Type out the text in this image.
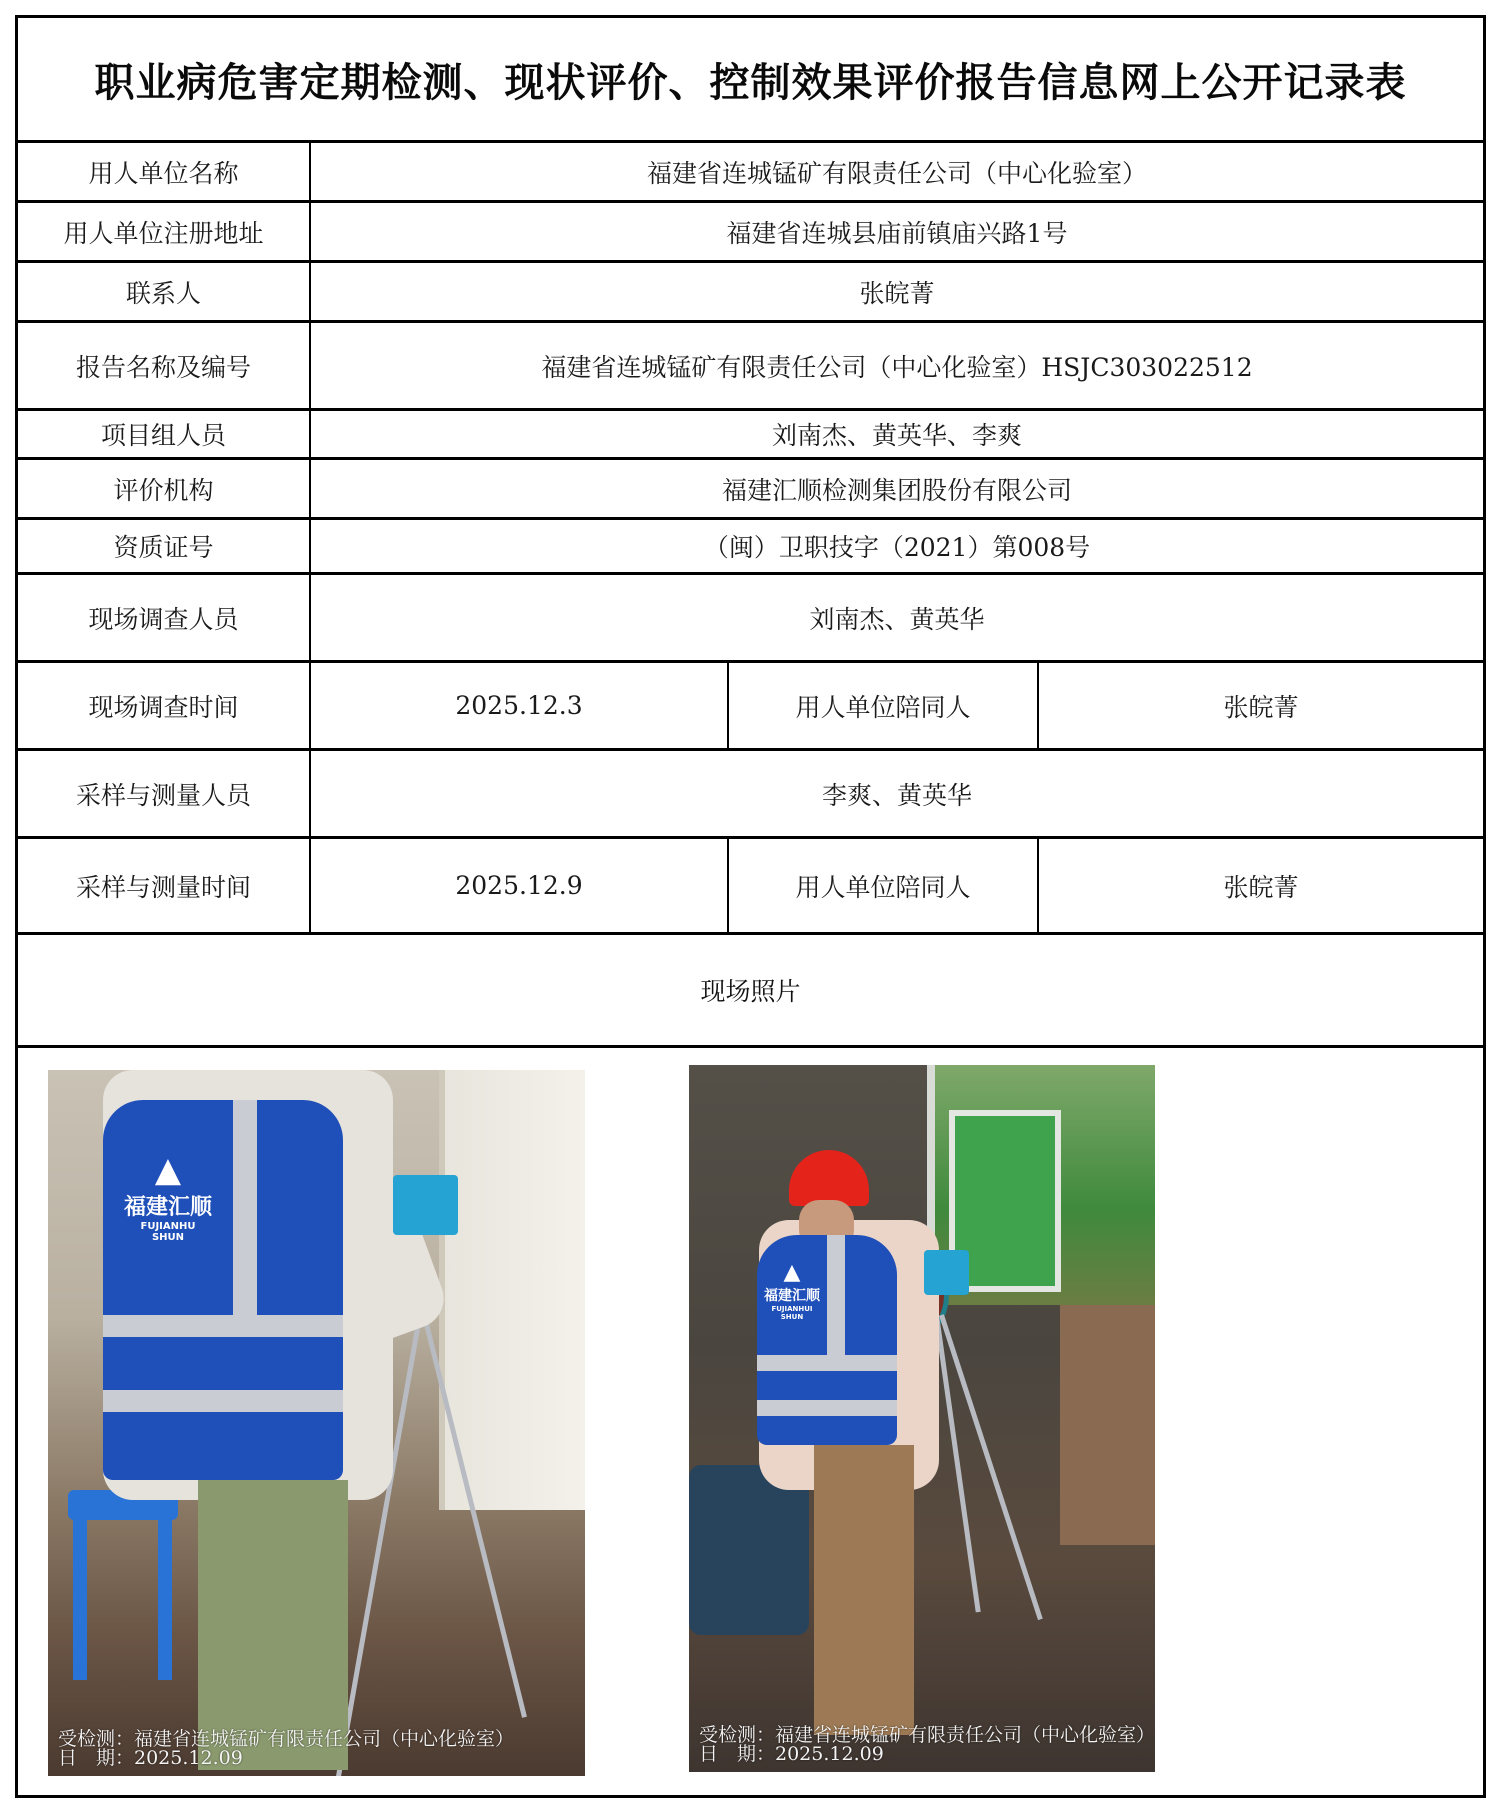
职业病危害定期检测、现状评价、控制效果评价报告信息网上公开记录表
用人单位名称	福建省连城锰矿有限责任公司（中心化验室）
用人单位注册地址	福建省连城县庙前镇庙兴路1号
联系人	张皖菁
报告名称及编号	福建省连城锰矿有限责任公司（中心化验室）HSJC303022512
项目组人员	刘南杰、黄英华、李爽
评价机构	福建汇顺检测集团股份有限公司
资质证号	（闽）卫职技字（2021）第008号
现场调查人员	刘南杰、黄英华
现场调查时间	2025.12.3	用人单位陪同人	张皖菁
采样与测量人员	李爽、黄英华
采样与测量时间	2025.12.9	用人单位陪同人	张皖菁
现场照片
▲
福建汇顺
FUJIANHU SHUN
受检测：福建省连城锰矿有限责任公司（中心化验室）
日　期：2025.12.09
▲
福建汇顺
FUJIANHUI SHUN
受检测：福建省连城锰矿有限责任公司（中心化验室）
日　期：2025.12.09
